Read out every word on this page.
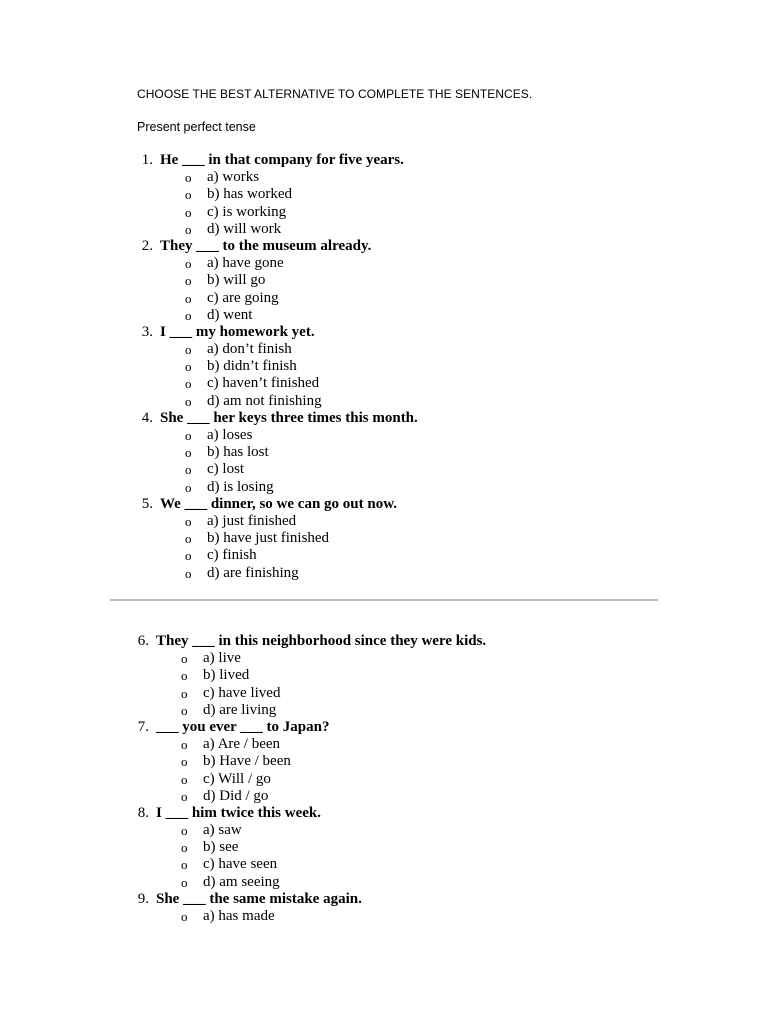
CHOOSE THE BEST ALTERNATIVE TO COMPLETE THE SENTENCES.
Present perfect tense
1. He ___ in that company for five years.
o a) works
o b) has worked
o c) is working
o d) will work
2. They ___ to the museum already.
o a) have gone
o b) will go
o c) are going
o d) went
3. I ___ my homework yet.
o a) don’t finish
o b) didn’t finish
o c) haven’t finished
o d) am not finishing
4. She ___ her keys three times this month.
o a) loses
o b) has lost
o c) lost
o d) is losing
5. We ___ dinner, so we can go out now.
o a) just finished
o b) have just finished
o c) finish
o d) are finishing
6. They ___ in this neighborhood since they were kids.
o a) live
o b) lived
o c) have lived
o d) are living
7. ___ you ever ___ to Japan?
o a) Are / been
o b) Have / been
o c) Will / go
o d) Did / go
8. I ___ him twice this week.
o a) saw
o b) see
o c) have seen
o d) am seeing
9. She ___ the same mistake again.
o a) has made
